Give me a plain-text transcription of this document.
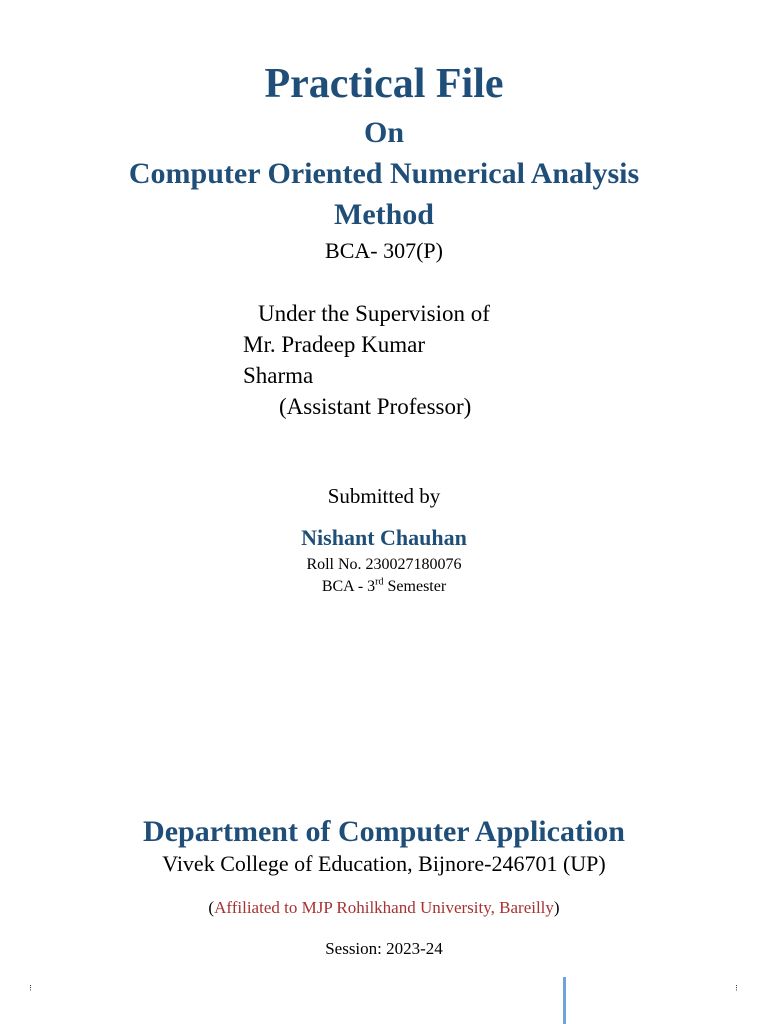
Practical File
On
Computer Oriented Numerical Analysis
Method
BCA- 307(P)
Under the Supervision of
Mr. Pradeep Kumar
Sharma
(Assistant Professor)
Submitted by
Nishant Chauhan
Roll No. 230027180076
BCA - 3rd Semester
Department of Computer Application
Vivek College of Education, Bijnore-246701 (UP)
(Affiliated to MJP Rohilkhand University, Bareilly)
Session: 2023-24
⁝	⁝
